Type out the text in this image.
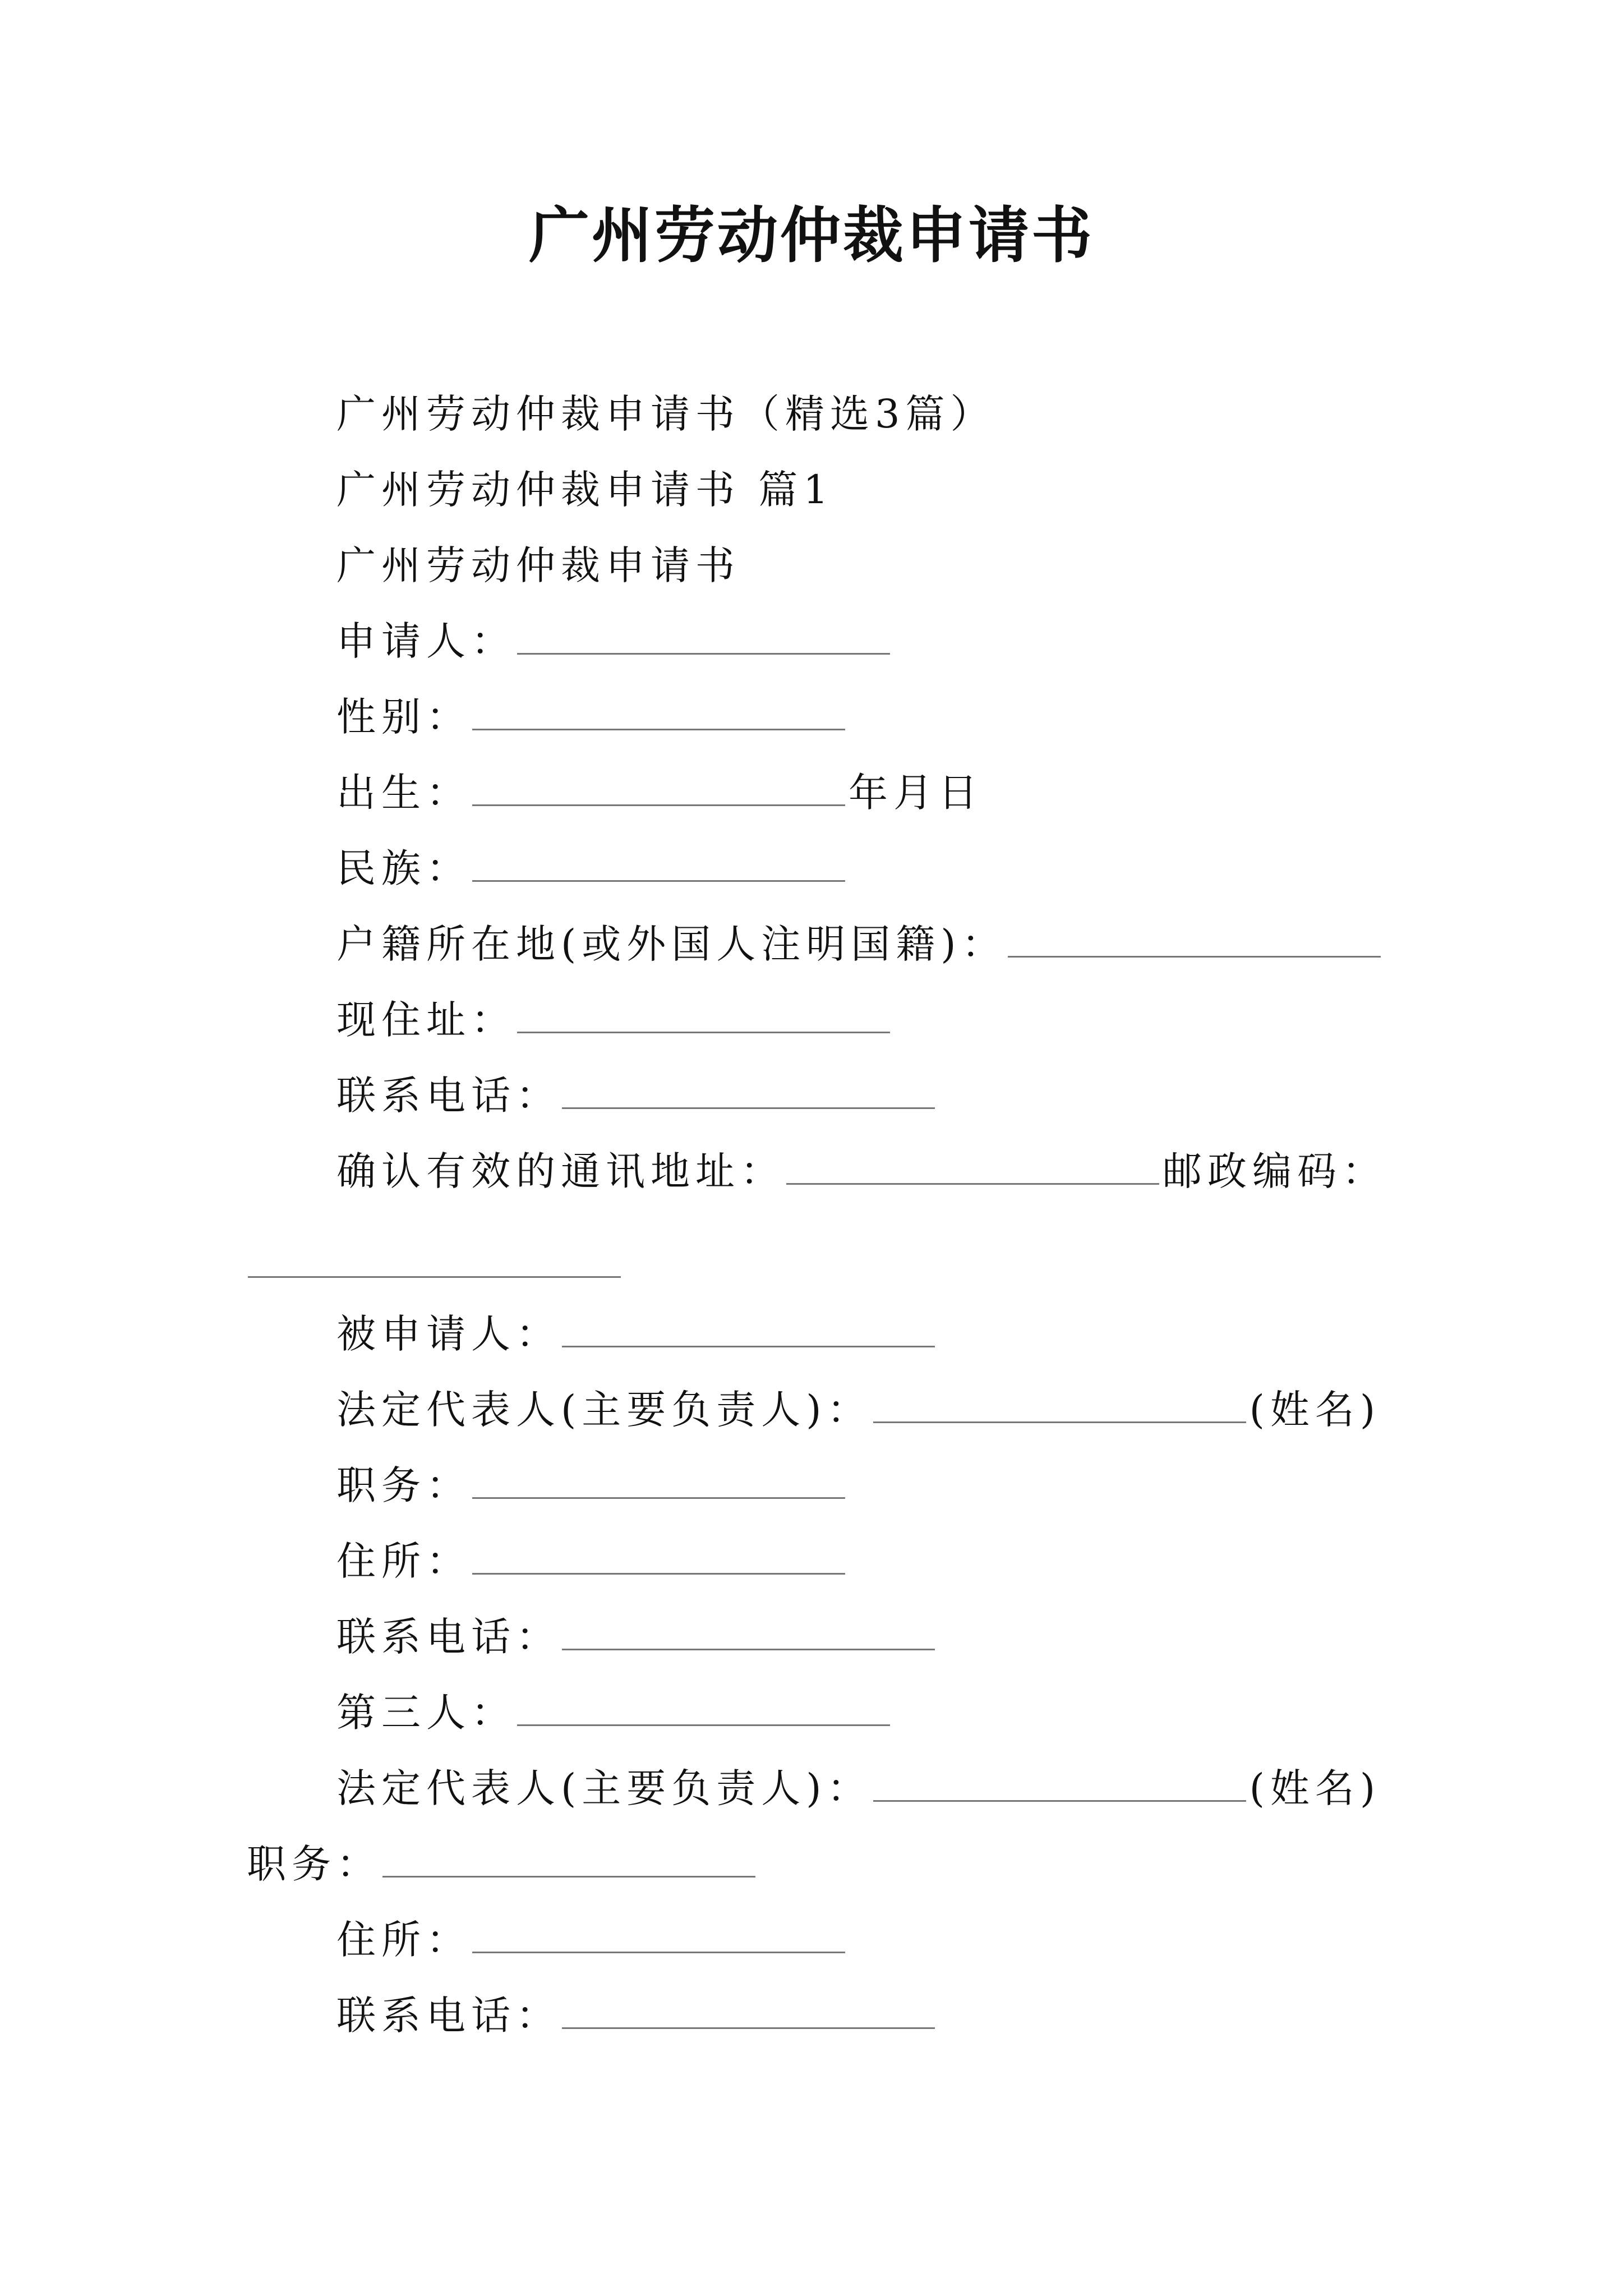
广州劳动仲裁申请书
广州劳动仲裁申请书（精选3篇）
广州劳动仲裁申请书 篇1
广州劳动仲裁申请书
申请人：
性别：
出生：	年月日
民族：
户籍所在地(或外国人注明国籍)：
现住址：
联系电话：
确认有效的通讯地址：	邮政编码：
被申请人：
法定代表人(主要负责人)：	(姓名)
职务：
住所：
联系电话：
第三人：
法定代表人(主要负责人)：	(姓名)
职务：
住所：
联系电话：
